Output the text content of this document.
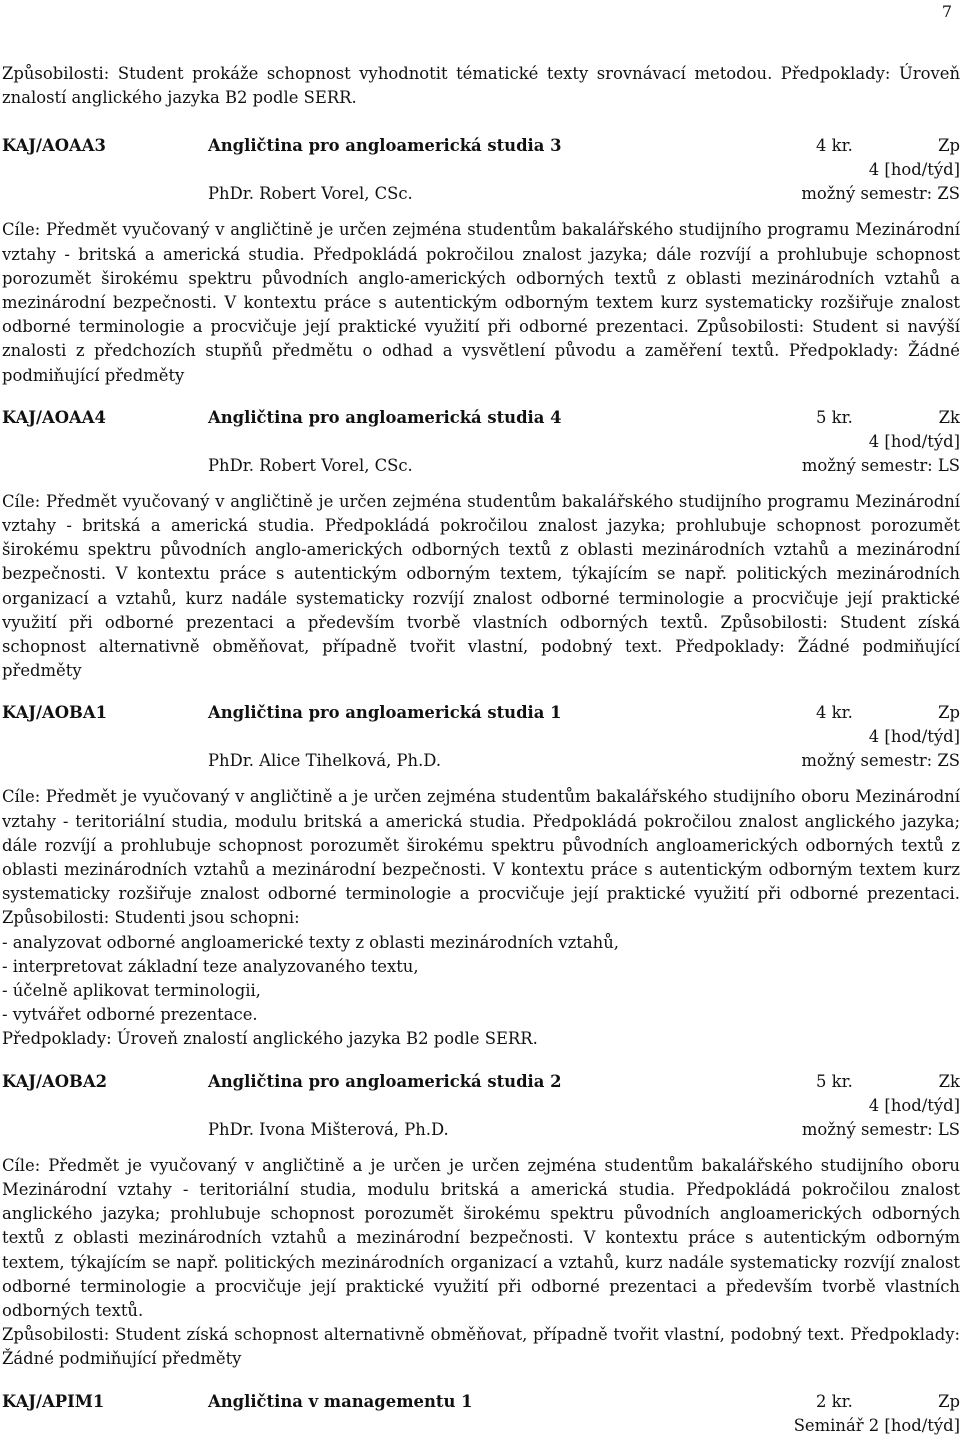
7

Způsobilosti: Student prokáže schopnost vyhodnotit tématické texty srovnávací metodou. Předpoklady: Úroveň znalostí anglického jazyka B2 podle SERR.

KAJ/AOAA3	Angličtina pro angloamerická studia 3	4 kr.	Zp
4 [hod/týd]
PhDr. Robert Vorel, CSc.	možný semestr: ZS

Cíle: Předmět vyučovaný v angličtině je určen zejména studentům bakalářského studijního programu Mezinárodní vztahy - britská a americká studia. Předpokládá pokročilou znalost jazyka; dále rozvíjí a prohlubuje schopnost porozumět širokému spektru původních anglo-amerických odborných textů z oblasti mezinárodních vztahů a mezinárodní bezpečnosti. V kontextu práce s autentickým odborným textem kurz systematicky rozšiřuje znalost odborné terminologie a procvičuje její praktické využití při odborné prezentaci. Způsobilosti: Student si navýší znalosti z předchozích stupňů předmětu o odhad a vysvětlení původu a zaměření textů. Předpoklady: Žádné podmiňující předměty

KAJ/AOAA4	Angličtina pro angloamerická studia 4	5 kr.	Zk
4 [hod/týd]
PhDr. Robert Vorel, CSc.	možný semestr: LS

Cíle: Předmět vyučovaný v angličtině je určen zejména studentům bakalářského studijního programu Mezinárodní vztahy - britská a americká studia. Předpokládá pokročilou znalost jazyka; prohlubuje schopnost porozumět širokému spektru původních anglo-amerických odborných textů z oblasti mezinárodních vztahů a mezinárodní bezpečnosti. V kontextu práce s autentickým odborným textem, týkajícím se např. politických mezinárodních organizací a vztahů, kurz nadále systematicky rozvíjí znalost odborné terminologie a procvičuje její praktické využití při odborné prezentaci a především tvorbě vlastních odborných textů. Způsobilosti: Student získá schopnost alternativně obměňovat, případně tvořit vlastní, podobný text. Předpoklady: Žádné podmiňující předměty

KAJ/AOBA1	Angličtina pro angloamerická studia 1	4 kr.	Zp
4 [hod/týd]
PhDr. Alice Tihelková, Ph.D.	možný semestr: ZS

Cíle: Předmět je vyučovaný v angličtině a je určen zejména studentům bakalářského studijního oboru Mezinárodní vztahy - teritoriální studia, modulu britská a americká studia. Předpokládá pokročilou znalost anglického jazyka; dále rozvíjí a prohlubuje schopnost porozumět širokému spektru původních angloamerických odborných textů z oblasti mezinárodních vztahů a mezinárodní bezpečnosti. V kontextu práce s autentickým odborným textem kurz systematicky rozšiřuje znalost odborné terminologie a procvičuje její praktické využití při odborné prezentaci. Způsobilosti: Studenti jsou schopni:

- analyzovat odborné angloamerické texty z oblasti mezinárodních vztahů,

- interpretovat základní teze analyzovaného textu,

- účelně aplikovat terminologii,

- vytvářet odborné prezentace.

Předpoklady: Úroveň znalostí anglického jazyka B2 podle SERR.

KAJ/AOBA2	Angličtina pro angloamerická studia 2	5 kr.	Zk
4 [hod/týd]
PhDr. Ivona Mišterová, Ph.D.	možný semestr: LS

Cíle: Předmět je vyučovaný v angličtině a je určen je určen zejména studentům bakalářského studijního oboru Mezinárodní vztahy - teritoriální studia, modulu britská a americká studia. Předpokládá pokročilou znalost anglického jazyka; prohlubuje schopnost porozumět širokému spektru původních angloamerických odborných textů z oblasti mezinárodních vztahů a mezinárodní bezpečnosti. V kontextu práce s autentickým odborným textem, týkajícím se např. politických mezinárodních organizací a vztahů, kurz nadále systematicky rozvíjí znalost odborné terminologie a procvičuje její praktické využití při odborné prezentaci a především tvorbě vlastních odborných textů.

Způsobilosti: Student získá schopnost alternativně obměňovat, případně tvořit vlastní, podobný text. Předpoklady: Žádné podmiňující předměty

KAJ/APIM1	Angličtina v managementu 1	2 kr.	Zp
Seminář 2 [hod/týd]
